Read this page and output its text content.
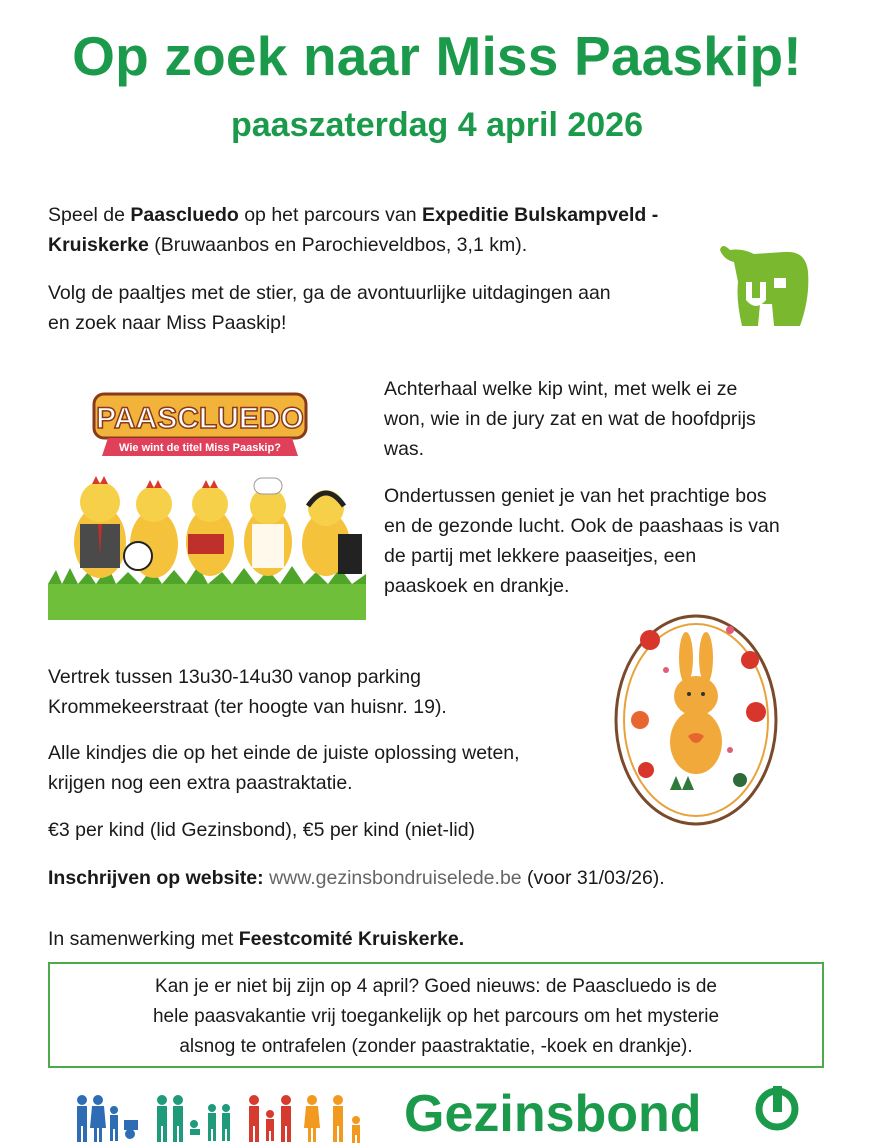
Op zoek naar Miss Paaskip!
paaszaterdag 4 april 2026
Speel de Paascluedo op het parcours van Expeditie Bulskampveld -
Kruiskerke (Bruwaanbos en Parochieveldbos, 3,1 km).
Volg de paaltjes met de stier, ga de avontuurlijke uitdagingen aan
en zoek naar Miss Paaskip!
PAASCLUEDO
Wie wint de titel Miss Paaskip?
Achterhaal welke kip wint, met welk ei ze
won, wie in de jury zat en wat de hoofdprijs
was.
Ondertussen geniet je van het prachtige bos
en de gezonde lucht. Ook de paashaas is van
de partij met lekkere paaseitjes, een
paaskoek en drankje.
Vertrek tussen 13u30-14u30 vanop parking
Krommekeerstraat (ter hoogte van huisnr. 19).
Alle kindjes die op het einde de juiste oplossing weten,
krijgen nog een extra paastraktatie.
€3 per kind (lid Gezinsbond), €5 per kind (niet-lid)
Inschrijven op website: www.gezinsbondruiselede.be (voor 31/03/26).
In samenwerking met Feestcomité Kruiskerke.
Kan je er niet bij zijn op 4 april? Goed nieuws: de Paascluedo is de
hele paasvakantie vrij toegankelijk op het parcours om het mysterie
alsnog te ontrafelen (zonder paastraktatie, -koek en drankje).
Gezinsbond
